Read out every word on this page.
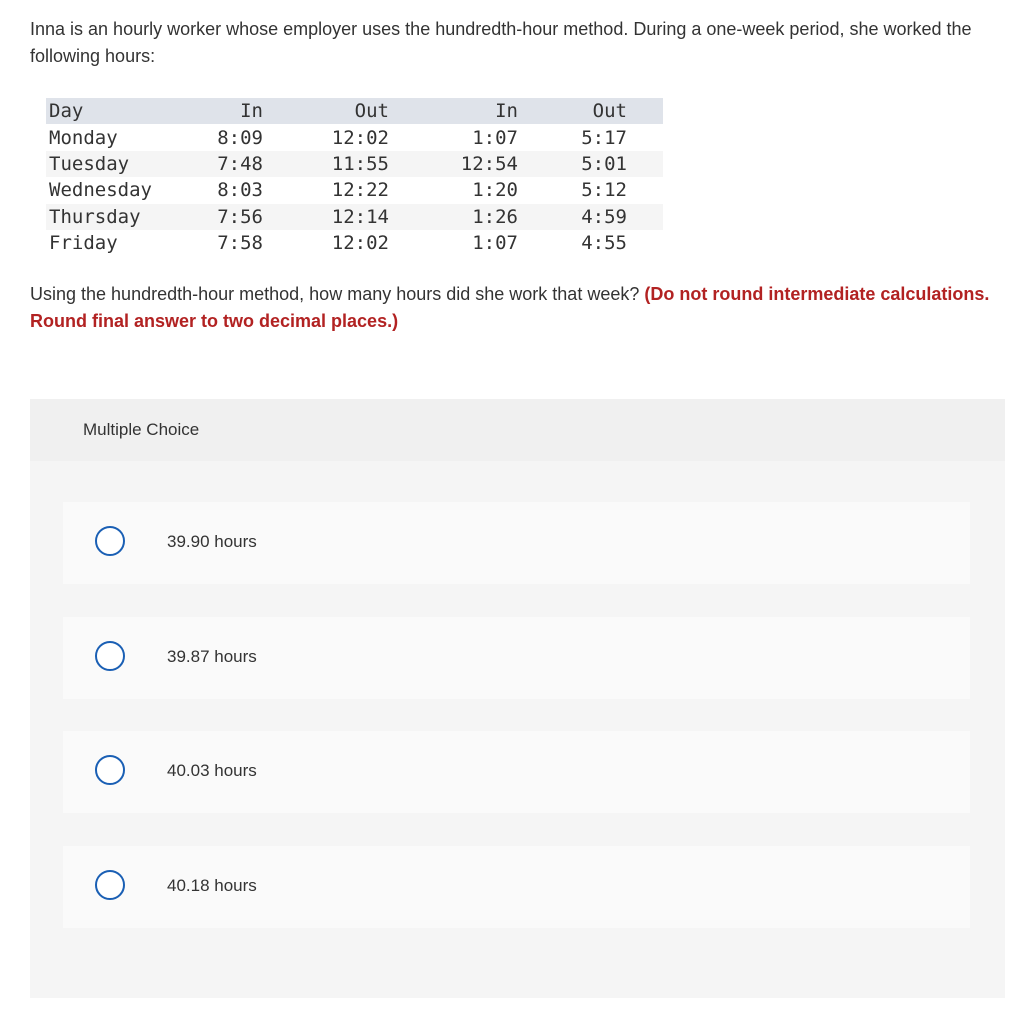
Inna is an hourly worker whose employer uses the hundredth-hour method. During a one-week period, she worked the following hours:
Day	In	Out	In	Out	
Monday	8:09	12:02	1:07	5:17	
Tuesday	7:48	11:55	12:54	5:01	
Wednesday	8:03	12:22	1:20	5:12	
Thursday	7:56	12:14	1:26	4:59	
Friday	7:58	12:02	1:07	4:55	
Using the hundredth-hour method, how many hours did she work that week? (Do not round intermediate calculations. Round final answer to two decimal places.)
Multiple Choice
39.90 hours
39.87 hours
40.03 hours
40.18 hours
